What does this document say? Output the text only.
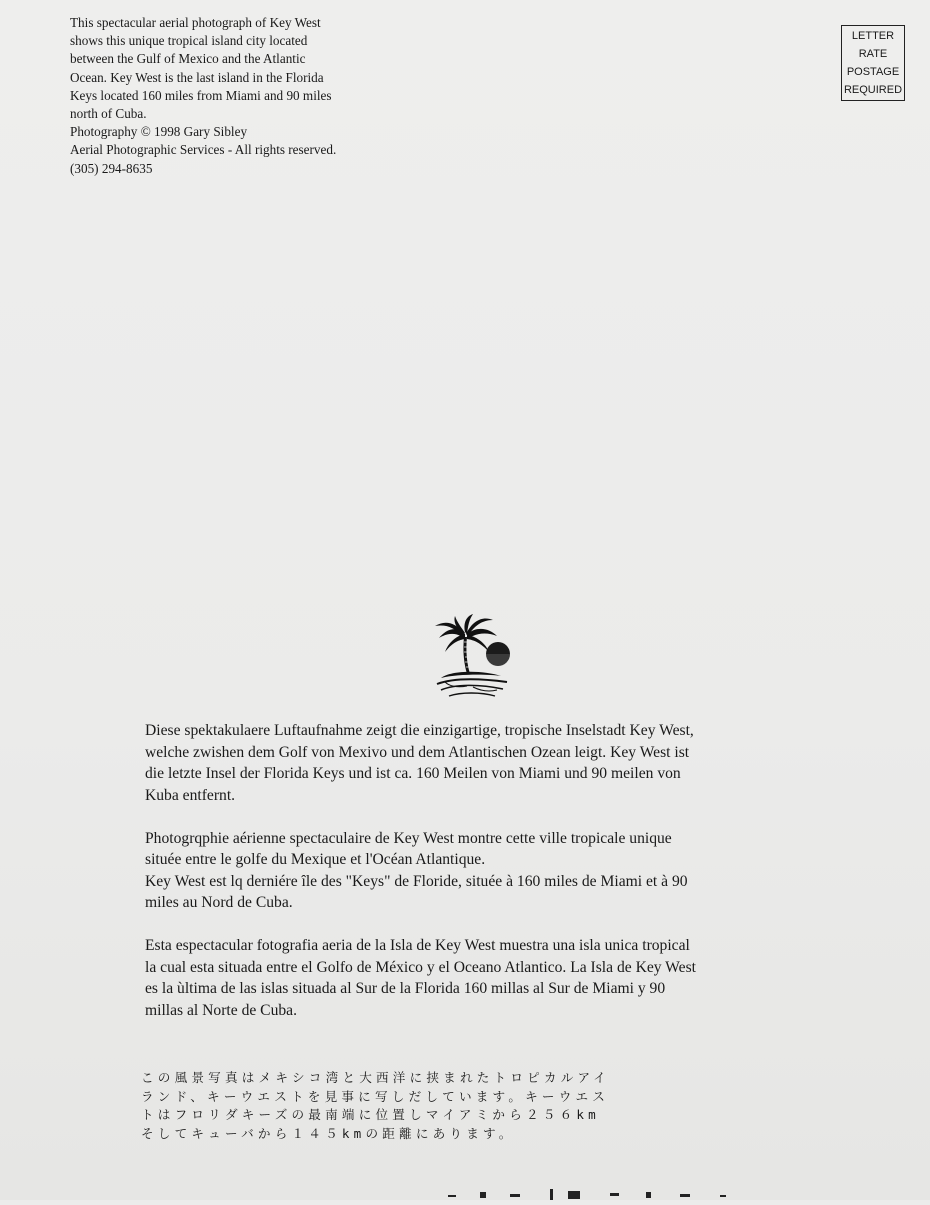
This spectacular aerial photograph of Key West
shows this unique tropical island city located
between the Gulf of Mexico and the Atlantic
Ocean. Key West is the last island in the Florida
Keys located 160 miles from Miami and 90 miles
north of Cuba.
Photography © 1998 Gary Sibley
Aerial Photographic Services - All rights reserved.
(305) 294-8635
LETTER
RATE
POSTAGE
REQUIRED
Diese spektakulaere Luftaufnahme zeigt die einzigartige, tropische Inselstadt Key West,
welche zwishen dem Golf von Mexivo und dem Atlantischen Ozean leigt. Key West ist
die letzte Insel der Florida Keys und ist ca. 160 Meilen von Miami und 90 meilen von
Kuba entfernt.
Photogrqphie aérienne spectaculaire de Key West montre cette ville tropicale unique
située entre le golfe du Mexique et l'Océan Atlantique.
Key West est lq derniére île des "Keys" de Floride, située à 160 miles de Miami et à 90
miles au Nord de Cuba.
Esta espectacular fotografia aeria de la Isla de Key West muestra una isla unica tropical
la cual esta situada entre el Golfo de México y el Oceano Atlantico. La Isla de Key West
es la ùltima de las islas situada al Sur de la Florida 160 millas al Sur de Miami y 90
millas al Norte de Cuba.
この風景写真はメキシコ湾と大西洋に挟まれたトロピカルアイ
ランド、キーウエストを見事に写しだしています。キーウエス
トはフロリダキーズの最南端に位置しマイアミから２５６km
そしてキューバから１４５kmの距離にあります。
